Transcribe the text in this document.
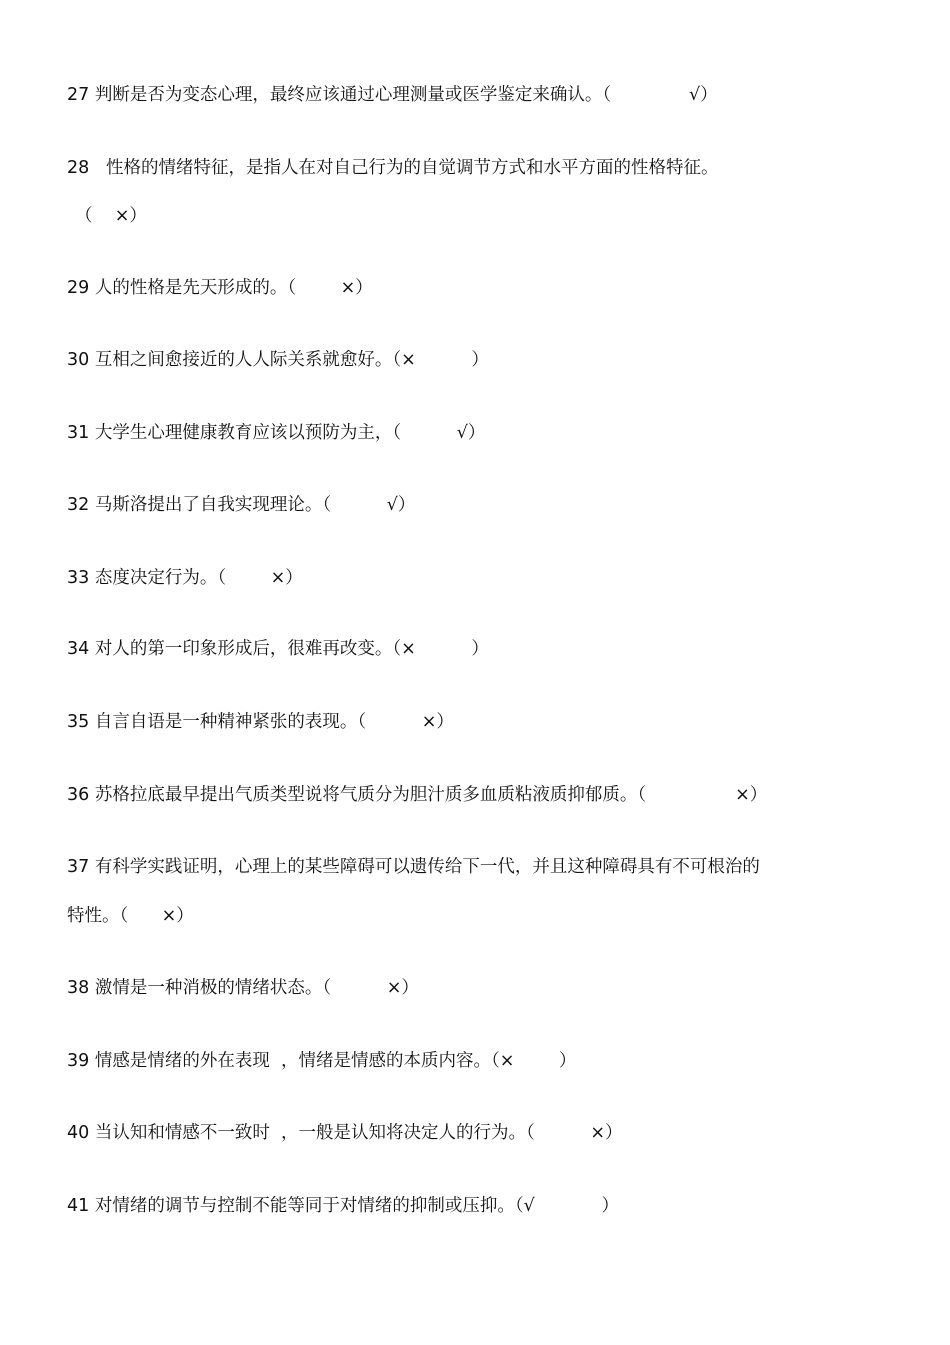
27 判断是否为变态心理，最终应该通过心理测量或医学鉴定来确认。（              √）
28   性格的情绪特征，是指人在对自己行为的自觉调节方式和水平方面的性格特征。
（    ×）
29 人的性格是先天形成的。（        ×）
30 互相之间愈接近的人人际关系就愈好。（×          ）
31 大学生心理健康教育应该以预防为主，（          √）
32 马斯洛提出了自我实现理论。（          √）
33 态度决定行为。（        ×）
34 对人的第一印象形成后，很难再改变。（×          ）
35 自言自语是一种精神紧张的表现。（          ×）
36 苏格拉底最早提出气质类型说将气质分为胆汁质多血质粘液质抑郁质。（                ×）
37 有科学实践证明，心理上的某些障碍可以遗传给下一代，并且这种障碍具有不可根治的
特性。（      ×）
38 激情是一种消极的情绪状态。（          ×）
39 情感是情绪的外在表现  ，情绪是情感的本质内容。（×        ）
40 当认知和情感不一致时  ，一般是认知将决定人的行为。（          ×）
41 对情绪的调节与控制不能等同于对情绪的抑制或压抑。（√            ）
